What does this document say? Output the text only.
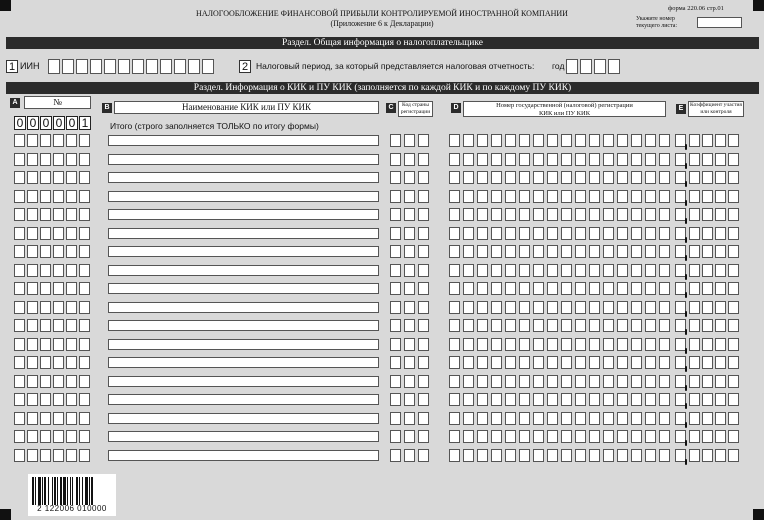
НАЛОГООБЛОЖЕНИЕ ФИНАНСОВОЙ ПРИБЫЛИ КОНТРОЛИРУЕМОЙ ИНОСТРАННОЙ КОМПАНИИ
(Приложение 6 к Декларации)
форма 220.06 стр.01
Укажите номер
текущего листа:
Раздел. Общая информация о налогоплательщике
1 ИИН	2 Налоговый период, за который представляется налоговая отчетность: год
Раздел. Информация о КИК и ПУ КИК (заполняется по каждой КИК и по каждому ПУ КИК)
A	№
B	Наименование КИК или ПУ КИК	C	Код страны
регистрации
D	Номер государственной (налоговой) регистрации
КИК или ПУ КИК
E	Коэффициент участия
или контроля
0 0 0 0 0 1	Итого (строго заполняется ТОЛЬКО по итогу формы)
2 122006 010000
